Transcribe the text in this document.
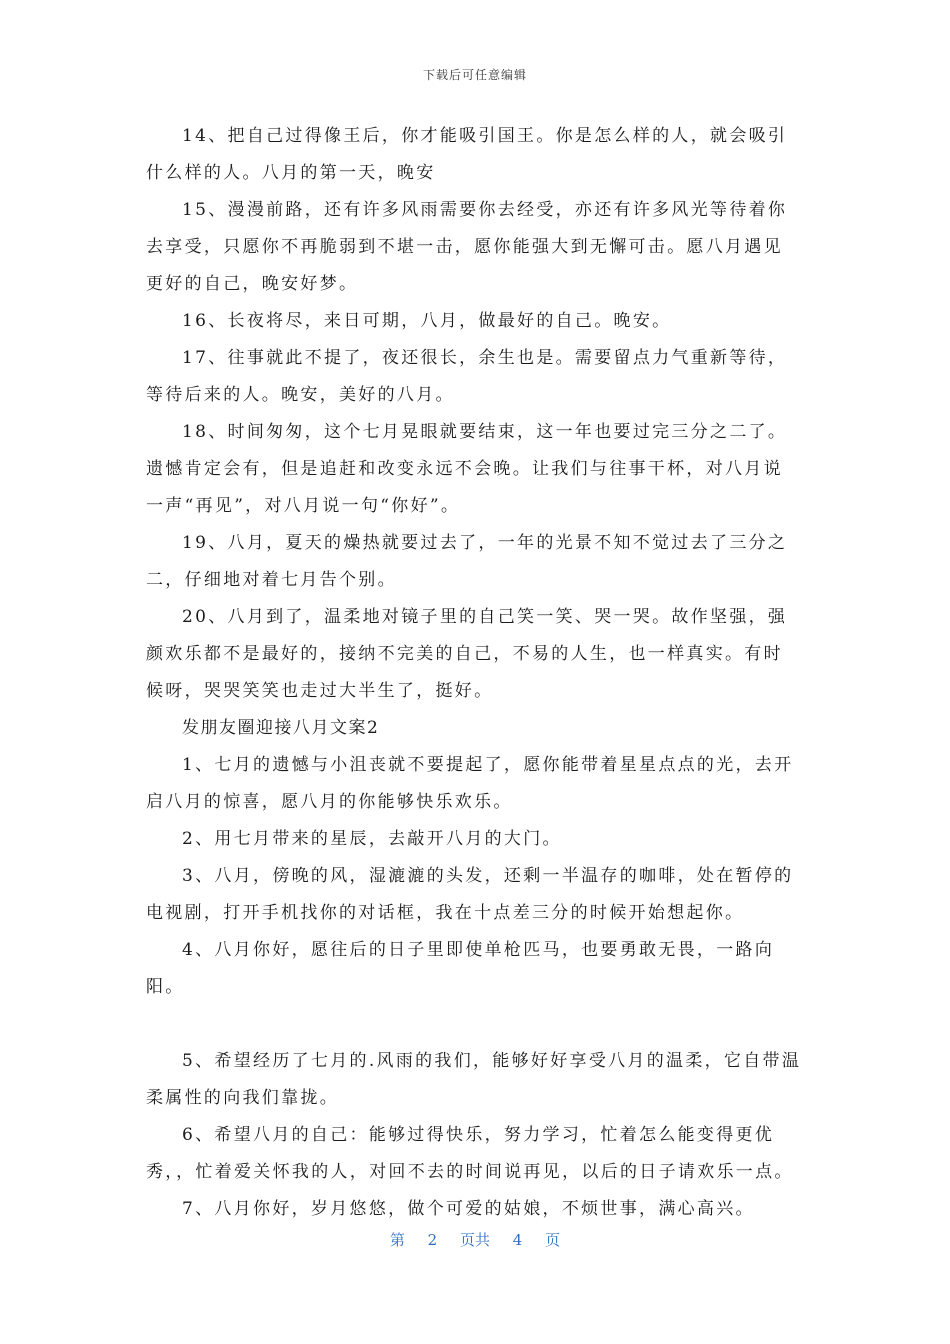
下载后可任意编辑

14、把自己过得像王后，你才能吸引国王。你是怎么样的人，就会吸引什么样的人。八月的第一天，晚安

15、漫漫前路，还有许多风雨需要你去经受，亦还有许多风光等待着你去享受，只愿你不再脆弱到不堪一击，愿你能强大到无懈可击。愿八月遇见更好的自己，晚安好梦。

16、长夜将尽，来日可期，八月，做最好的自己。晚安。

17、往事就此不提了，夜还很长，余生也是。需要留点力气重新等待，等待后来的人。晚安，美好的八月。

18、时间匆匆，这个七月晃眼就要结束，这一年也要过完三分之二了。遗憾肯定会有，但是追赶和改变永远不会晚。让我们与往事干杯，对八月说一声“再见”，对八月说一句“你好”。

19、八月，夏天的燥热就要过去了，一年的光景不知不觉过去了三分之二，仔细地对着七月告个别。

20、八月到了，温柔地对镜子里的自己笑一笑、哭一哭。故作坚强，强颜欢乐都不是最好的，接纳不完美的自己，不易的人生，也一样真实。有时候呀，哭哭笑笑也走过大半生了，挺好。

发朋友圈迎接八月文案2

1、七月的遗憾与小沮丧就不要提起了，愿你能带着星星点点的光，去开启八月的惊喜，愿八月的你能够快乐欢乐。

2、用七月带来的星辰，去敲开八月的大门。

3、八月，傍晚的风，湿漉漉的头发，还剩一半温存的咖啡，处在暂停的电视剧，打开手机找你的对话框，我在十点差三分的时候开始想起你。

4、八月你好，愿往后的日子里即使单枪匹马，也要勇敢无畏，一路向阳。

5、希望经历了七月的.风雨的我们，能够好好享受八月的温柔，它自带温柔属性的向我们靠拢。

6、希望八月的自己：能够过得快乐，努力学习，忙着怎么能变得更优秀，，忙着爱关怀我的人，对回不去的时间说再见，以后的日子请欢乐一点。

7、八月你好，岁月悠悠，做个可爱的姑娘，不烦世事，满心高兴。

第 2 页共 4 页
